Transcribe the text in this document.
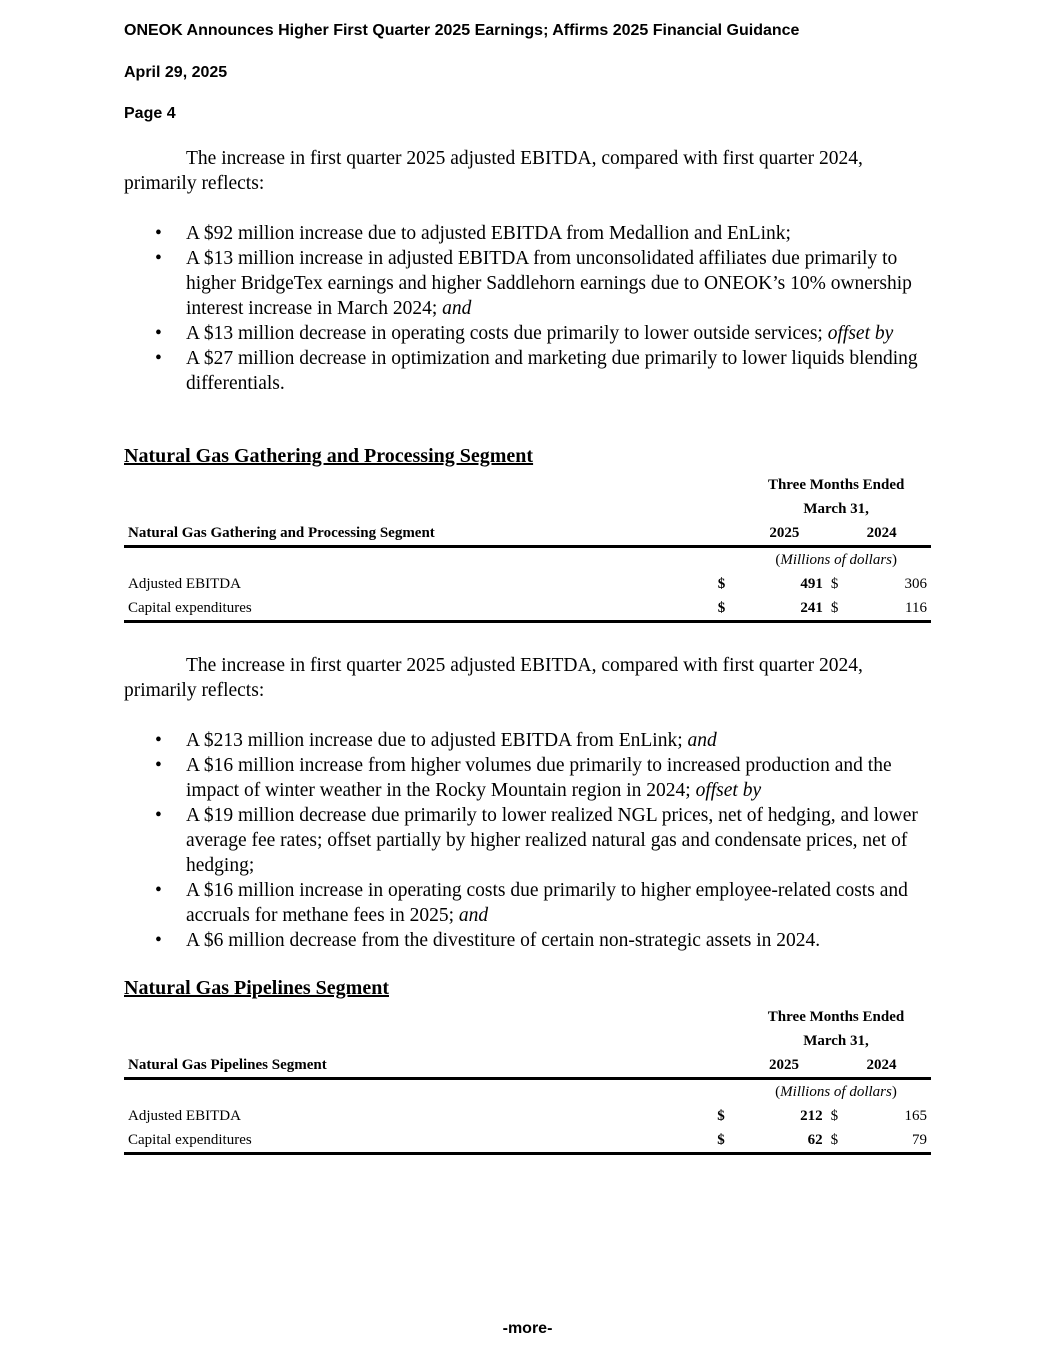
ONEOK Announces Higher First Quarter 2025 Earnings; Affirms 2025 Financial Guidance
April 29, 2025
Page 4
The increase in first quarter 2025 adjusted EBITDA, compared with first quarter 2024, primarily reflects:
• A $92 million increase due to adjusted EBITDA from Medallion and EnLink;
• A $13 million increase in adjusted EBITDA from unconsolidated affiliates due primarily to higher BridgeTex earnings and higher Saddlehorn earnings due to ONEOK’s 10% ownership interest increase in March 2024; and
• A $13 million decrease in operating costs due primarily to lower outside services; offset by
• A $27 million decrease in optimization and marketing due primarily to lower liquids blending differentials.
Natural Gas Gathering and Processing Segment
		Three Months Ended		
		March 31,		
Natural Gas Gathering and Processing Segment		2025		2024
		(Millions of dollars)		
Adjusted EBITDA	$	491	$	306
Capital expenditures	$	241	$	116
The increase in first quarter 2025 adjusted EBITDA, compared with first quarter 2024, primarily reflects:
• A $213 million increase due to adjusted EBITDA from EnLink; and
• A $16 million increase from higher volumes due primarily to increased production and the impact of winter weather in the Rocky Mountain region in 2024; offset by
• A $19 million decrease due primarily to lower realized NGL prices, net of hedging, and lower average fee rates; offset partially by higher realized natural gas and condensate prices, net of hedging;
• A $16 million increase in operating costs due primarily to higher employee-related costs and accruals for methane fees in 2025; and
• A $6 million decrease from the divestiture of certain non-strategic assets in 2024.
Natural Gas Pipelines Segment
		Three Months Ended		
		March 31,		
Natural Gas Pipelines Segment		2025		2024
		(Millions of dollars)		
Adjusted EBITDA	$	212	$	165
Capital expenditures	$	62	$	79
-more-
